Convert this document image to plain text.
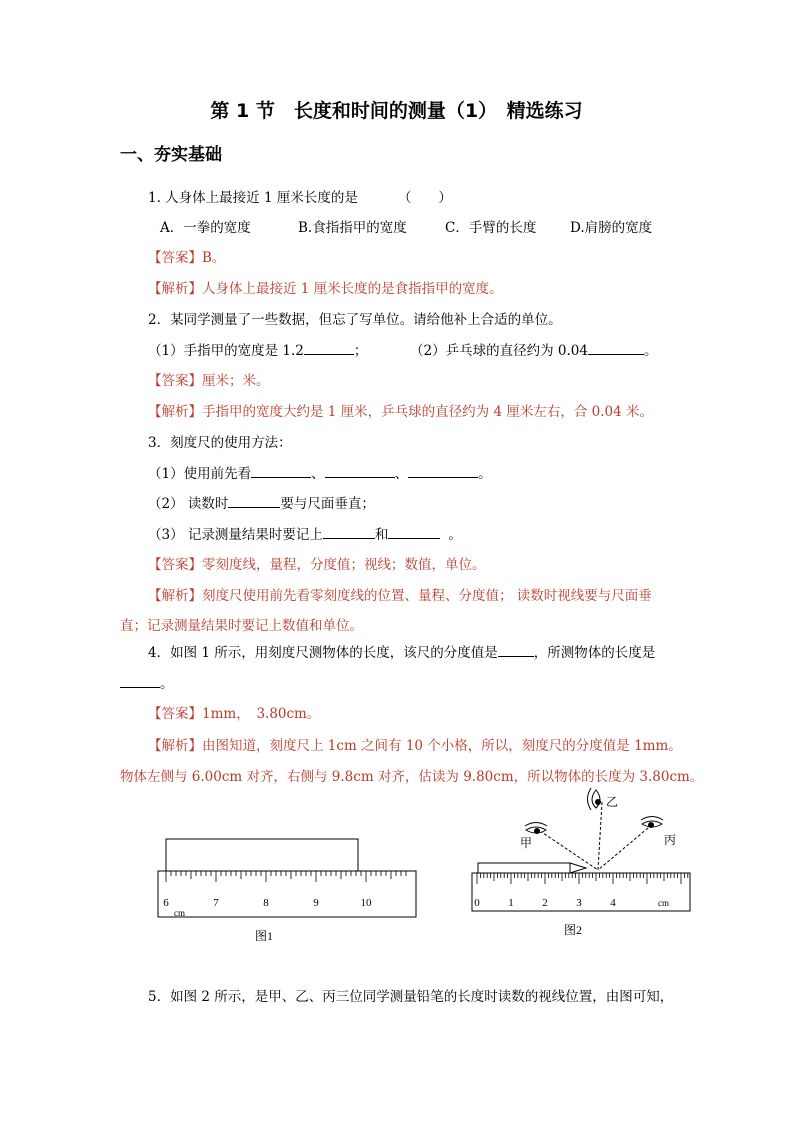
第 1 节　长度和时间的测量（1）　精选练习
一、夯实基础
1. 人身体上最接近 1 厘米长度的是	（　　）
A．一拳的宽度	B.食指指甲的宽度	C．手臂的长度 D.肩膀的宽度
【答案】B。
【解析】人身体上最接近 1 厘米长度的是食指指甲的宽度。
2．某同学测量了一些数据，但忘了写单位。请给他补上合适的单位。
（1）手指甲的宽度是 1.2	；	（2）乒乓球的直径约为 0.04	。
【答案】厘米；米。
【解析】手指甲的宽度大约是 1 厘米，乒乓球的直径约为 4 厘米左右，合 0.04 米。
3．刻度尺的使用方法：
（1）使用前先看	、	、	。
（2） 读数时	要与尺面垂直；
（3） 记录测量结果时要记上	和	。
【答案】零刻度线，量程，分度值；视线；数值，单位。
【解析】刻度尺使用前先看零刻度线的位置、量程、分度值； 读数时视线要与尺面垂
直；记录测量结果时要记上数值和单位。
4．如图 1 所示，用刻度尺测物体的长度，该尺的分度值是	，所测物体的长度是
。
【答案】1mm，　3.80cm。
【解析】由图知道，刻度尺上 1cm 之间有 10 个小格，所以，刻度尺的分度值是 1mm。
物体左侧与 6.00cm 对齐，右侧与 9.8cm 对齐，估读为 9.80cm，所以物体的长度为 3.80cm。
6	7	8	9	10
cm
图1
甲
乙
丙
0	1	2	3	4	cm
图2
5．如图 2 所示，是甲、乙、丙三位同学测量铅笔的长度时读数的视线位置，由图可知，
